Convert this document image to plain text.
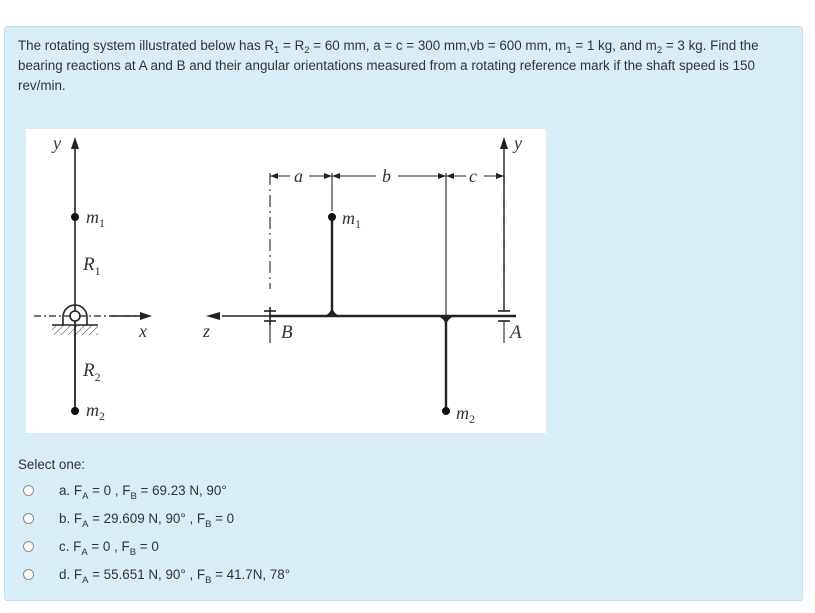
The rotating system illustrated below has $R_1 = R_2 = 60$ mm, a = c = 300 mm,vb = 600 mm, $m_1 = 1$ kg, and $m_2 = 3$ kg. Find the bearing reactions at A and B and their angular orientations measured from a rotating reference mark if the shaft speed is 150 rev/min.
y
$m_1$
$R_1$
x
$R_2$
$m_2$
z
y
a	b	c
$m_1$
$m_2$
B	A
Select one:
a. $F_A = 0$ , $F_B = 69.23$ N, 90°
b. $F_A = 29.609$ N, 90° , $F_B = 0$
c. $F_A = 0$ , $F_B = 0$
d. $F_A = 55.651$ N, 90° , $F_B = 41.7N$, 78°
